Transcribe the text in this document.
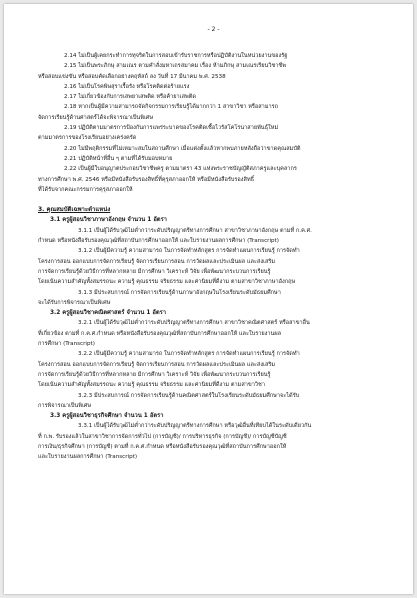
- 2 -
2.14 ไม่เป็นผู้เคยกระทำการทุจริตในการสอบเข้ารับราชการหรือปฏิบัติงานในหน่วยงานของรัฐ
2.15 ไม่เป็นพระภิกษุ สามเณร ตามคำสั่งมหาเถรสมาคม เรื่อง ห้ามภิกษุ สามเณรเรียนวิชาชีพ
หรือสอบแข่งขัน หรือสอบคัดเลือกอย่างคฤหัสถ์ ลง วันที่ 17 มีนาคม พ.ศ. 2538
2.16 ไม่เป็นโรคพิษสุราเรื้อรัง หรือโรคติดต่อร้ายแรง
2.17 ไม่เกี่ยวข้องกับการเสพยาเสพติด หรือค้ายาเสพติด
2.18 หากเป็นผู้มีความสามารถจัดกิจกรรมการเรียนรู้ได้มากกว่า 1 สาขาวิชา หรือสามารถ
จัดการเรียนรู้ด้านศาสตร์ได้จะพิจารณาเป็นพิเศษ
2.19 ปฏิบัติตามมาตรการป้องกันการแพร่ระบาดของโรคติดเชื้อไวรัสโคโรนาสายพันธุ์ใหม่
ตามมาตรการของโรงเรียนอย่างเคร่งครัด
2.20 ไม่มีพฤติกรรมที่ไม่เหมาะสมในสถานศึกษา เมื่อแต่งตั้งแล้วหากพบภายหลังถือว่าขาดคุณสมบัติ
2.21 ปฏิบัติหน้าที่อื่น ๆ ตามที่ได้รับมอบหมาย
2.22 เป็นผู้มีใบอนุญาตประกอบวิชาชีพครู ตามมาตรา 43 แห่งพระราชบัญญัติสภาครูและบุคลากร
ทางการศึกษา พ.ศ. 2546 หรือมีหนังสือรับรองสิทธิ์ที่คุรุสภาออกให้ หรือมีหนังสือรับรองสิทธิ์
ที่ได้รับจากคณะกรรมการคุรุสภาออกให้
3. คุณสมบัติเฉพาะตำแหน่ง
3.1 ครูผู้สอนวิชาภาษาอังกฤษ จำนวน 1 อัตรา
3.1.1 เป็นผู้ได้รับวุฒิไม่ต่ำกว่าระดับปริญญาตรีทางการศึกษา สาขาวิชาภาษาอังกฤษ ตามที่ ก.ค.ศ.
กำหนด หรือหนังสือรับรองคุณวุฒิที่สถาบันการศึกษาออกให้ และใบรายงานผลการศึกษา (Transcript)
3.1.2 เป็นผู้มีความรู้ ความสามารถ ในการจัดทำหลักสูตร การจัดทำแผนการเรียนรู้ การจัดทำ
โครงการสอน ออกแบบการจัดการเรียนรู้ จัดการเรียนการสอน การวัดผลและประเมินผล และส่งเสริม
การจัดการเรียนรู้ด้วยวิธีการที่หลากหลาย มีการศึกษา วิเคราะห์ วิจัย เพื่อพัฒนากระบวนการเรียนรู้
โดยเน้นความสำคัญทั้งสมรรถนะ ความรู้ คุณธรรม จริยธรรม และค่านิยมที่ดีงาม ตามสาขาวิชาภาษาอังกฤษ
3.1.3 มีประสบการณ์ การจัดการเรียนรู้ด้านภาษาอังกฤษในโรงเรียนระดับมัธยมศึกษา
จะได้รับการพิจารณาเป็นพิเศษ
3.2 ครูผู้สอนวิชาคณิตศาสตร์ จำนวน 1 อัตรา
3.2.1 เป็นผู้ได้รับวุฒิไม่ต่ำกว่าระดับปริญญาตรีทางการศึกษา สาขาวิชาคณิตศาสตร์ หรือสาขาอื่น
ที่เกี่ยวข้อง ตามที่ ก.ค.ศ.กำหนด หรือหนังสือรับรองคุณวุฒิที่สถาบันการศึกษาออกให้ และใบรายงานผล
การศึกษา (Transcript)
3.2.2 เป็นผู้มีความรู้ ความสามารถ ในการจัดทำหลักสูตร การจัดทำแผนการเรียนรู้ การจัดทำ
โครงการสอน ออกแบบการจัดการเรียนรู้ จัดการเรียนการสอน การวัดผลและประเมินผล และส่งเสริม
การจัดการเรียนรู้ด้วยวิธีการที่หลากหลาย มีการศึกษา วิเคราะห์ วิจัย เพื่อพัฒนากระบวนการเรียนรู้
โดยเน้นความสำคัญทั้งสมรรถนะ ความรู้ คุณธรรม จริยธรรม และค่านิยมที่ดีงาม ตามสาขาวิชา
3.2.3 มีประสบการณ์ การจัดการเรียนรู้ด้านคณิตศาสตร์ในโรงเรียนระดับมัธยมศึกษาจะได้รับ
การพิจารณาเป็นพิเศษ
3.3 ครูผู้สอนวิชาธุรกิจศึกษา จำนวน 1 อัตรา
3.3.1 เป็นผู้ได้รับวุฒิไม่ต่ำกว่าระดับปริญญาตรีทางการศึกษา หรือวุฒิอื่นที่เทียบได้ในระดับเดียวกัน
ที่ ก.พ. รับรองแล้วในสาขาวิชาการจัดการทั่วไป (การบัญชี)/ การบริหารธุรกิจ (การบัญชี)/ การบัญชีบัญชี
การเงิน/ธุรกิจศึกษา (การบัญชี) ตามที่ ก.ค.ศ.กำหนด หรือหนังสือรับรองคุณวุฒิที่สถาบันการศึกษาออกให้
และใบรายงานผลการศึกษา (Transcript)
